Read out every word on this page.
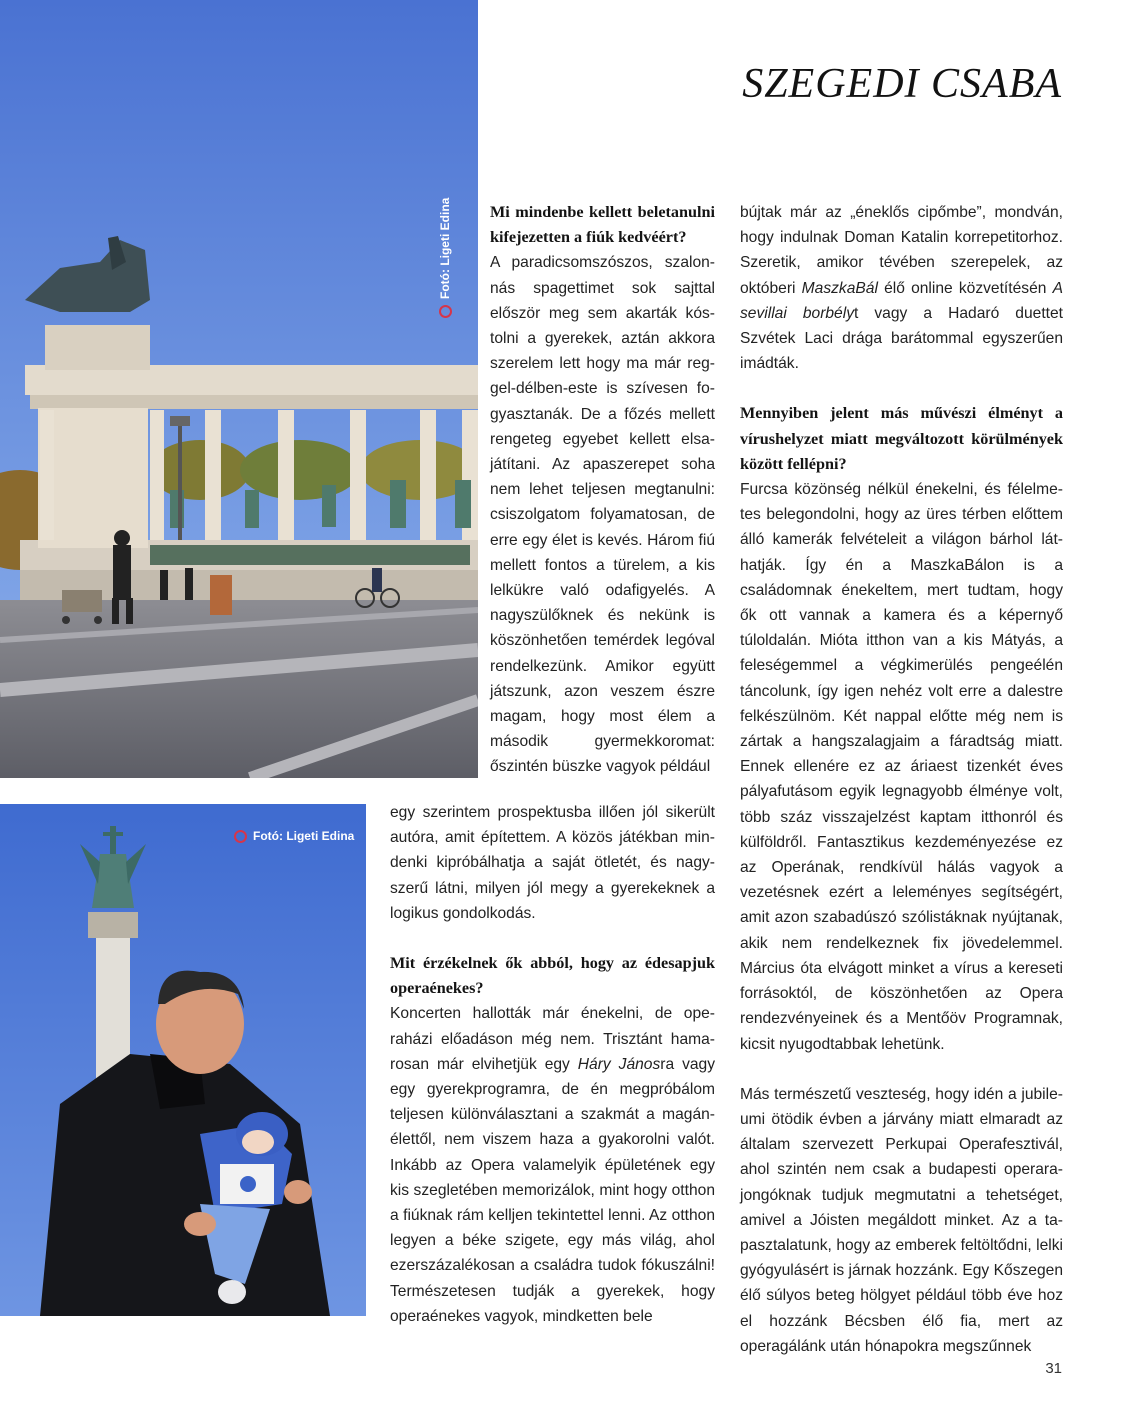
Fotó: Ligeti Edina
Fotó: Ligeti Edina
SZEGEDI CSABA

Mi mindenbe kellett beletanulni kifejezetten a fiúk kedvéért?

A paradicsomszószos, szalonnás spagettimet sok sajttal először meg sem akarták kóstolni a gyerekek, aztán akkora szerelem lett hogy ma már reggel-délben-este is szívesen fogyasztanák. De a főzés mellett rengeteg egyebet kellett elsajátítani. Az apaszerepet soha nem lehet teljesen megtanulni: csiszolgatom folyamatosan, de erre egy élet is kevés. Három fiú mellett fontos a türelem, a kis lelkükre való odafigyelés. A nagyszülőknek és nekünk is köszönhetően temérdek legóval rendelkezünk. Amikor együtt játszunk, azon veszem észre magam, hogy most élem a második gyermekkoromat: őszintén büszke vagyok például

egy szerintem prospektusba illően jól sikerült autóra, amit építettem. A közös játékban mindenki kipróbálhatja a saját ötletét, és nagyszerű látni, milyen jól megy a gyerekeknek a logikus gondolkodás.

Mit érzékelnek ők abból, hogy az édesapjuk operaénekes?

Koncerten hallották már énekelni, de operaházi előadáson még nem. Trisztánt hamarosan már elvihetjük egy Háry Jánosra vagy egy gyerekprogramra, de én megpróbálom teljesen különválasztani a szakmát a magánélettől, nem viszem haza a gyakorolni valót. Inkább az Opera valamelyik épületének egy kis szegletében memorizálok, mint hogy otthon a fiúknak rám kelljen tekintettel lenni. Az otthon legyen a béke szigete, egy más világ, ahol ezerszázalékosan a családra tudok fókuszálni! Természetesen tudják a gyerekek, hogy operaénekes vagyok, mindketten bele

bújtak már az „éneklős cipőmbe”, mondván, hogy indulnak Doman Katalin korrepetitorhoz. Szeretik, amikor tévében szerepelek, az októberi MaszkaBál élő online közvetítésén A sevillai borbélyt vagy a Hadaró duettet Szvétek Laci drága barátommal egyszerűen imádták.

Mennyiben jelent más művészi élményt a vírushelyzet miatt megváltozott körülmények között fellépni?

Furcsa közönség nélkül énekelni, és félelmetes belegondolni, hogy az üres térben előttem álló kamerák felvételeit a világon bárhol láthatják. Így én a MaszkaBálon is a családomnak énekeltem, mert tudtam, hogy ők ott vannak a kamera és a képernyő túloldalán. Mióta itthon van a kis Mátyás, a feleségemmel a végkimerülés pengeélén táncolunk, így igen nehéz volt erre a dalestre felkészülnöm. Két nappal előtte még nem is zártak a hangszalagjaim a fáradtság miatt. Ennek ellenére ez az áriaest tizenkét éves pályafutásom egyik legnagyobb élménye volt, több száz visszajelzést kaptam itthonról és külföldről. Fantasztikus kezdeményezése ez az Operának, rendkívül hálás vagyok a vezetésnek ezért a leleményes segítségért, amit azon szabadúszó szólistáknak nyújtanak, akik nem rendelkeznek fix jövedelemmel. Március óta elvágott minket a vírus a kereseti forrásoktól, de köszönhetően az Opera rendezvényeinek és a Mentőöv Programnak, kicsit nyugodtabbak lehetünk.

Más természetű veszteség, hogy idén a jubileumi ötödik évben a járvány miatt elmaradt az általam szervezett Perkupai Operafesztivál, ahol szintén nem csak a budapesti operarajongóknak tudjuk megmutatni a tehetséget, amivel a Jóisten megáldott minket. Az a tapasztalatunk, hogy az emberek feltöltődni, lelki gyógyulásért is járnak hozzánk. Egy Kőszegen élő súlyos beteg hölgyet például több éve hoz el hozzánk Bécsben élő fia, mert az operagálánk után hónapokra megszűnnek

31
